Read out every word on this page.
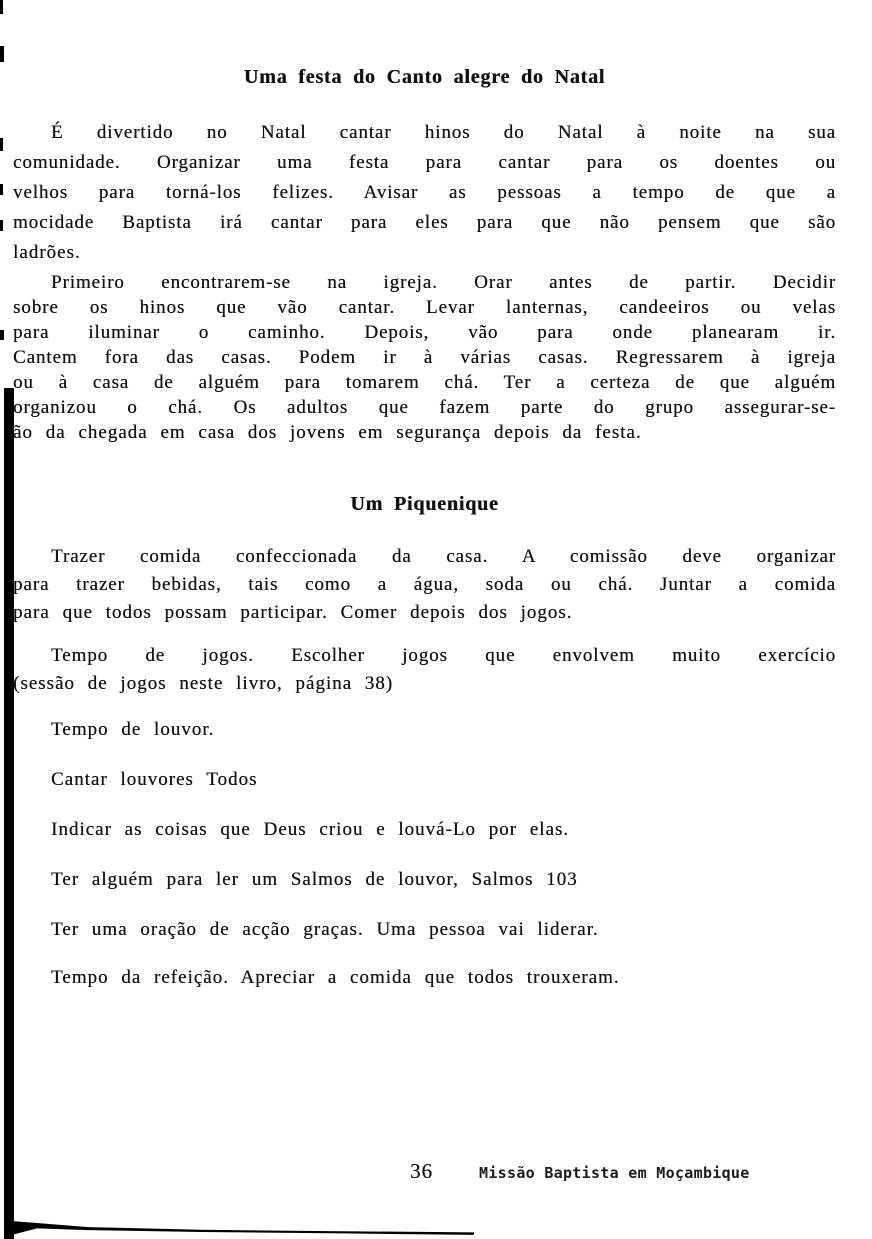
Uma festa do Canto alegre do Natal
É divertido no Natal cantar hinos do Natal à noite na sua
comunidade. Organizar uma festa para cantar para os doentes ou
velhos para torná-los felizes. Avisar as pessoas a tempo de que a
mocidade Baptista irá cantar para eles para que não pensem que são
ladrões.
Primeiro encontrarem-se na igreja. Orar antes de partir. Decidir
sobre os hinos que vão cantar. Levar lanternas, candeeiros ou velas
para iluminar o caminho. Depois, vão para onde planearam ir.
Cantem fora das casas. Podem ir à várias casas. Regressarem à igreja
ou à casa de alguém para tomarem chá. Ter a certeza de que alguém
organizou o chá. Os adultos que fazem parte do grupo assegurar-se-
ão da chegada em casa dos jovens em segurança depois da festa.
Um Piquenique
Trazer comida confeccionada da casa. A comissão deve organizar
para trazer bebidas, tais como a água, soda ou chá. Juntar a comida
para que todos possam participar. Comer depois dos jogos.
Tempo de jogos. Escolher jogos que envolvem muito exercício
(sessão de jogos neste livro, página 38)
Tempo de louvor.
Cantar louvores Todos
Indicar as coisas que Deus criou e louvá-Lo por elas.
Ter alguém para ler um Salmos de louvor, Salmos 103
Ter uma oração de acção graças. Uma pessoa vai liderar.
Tempo da refeição. Apreciar a comida que todos trouxeram.
36	Missão Baptista em Moçambique
